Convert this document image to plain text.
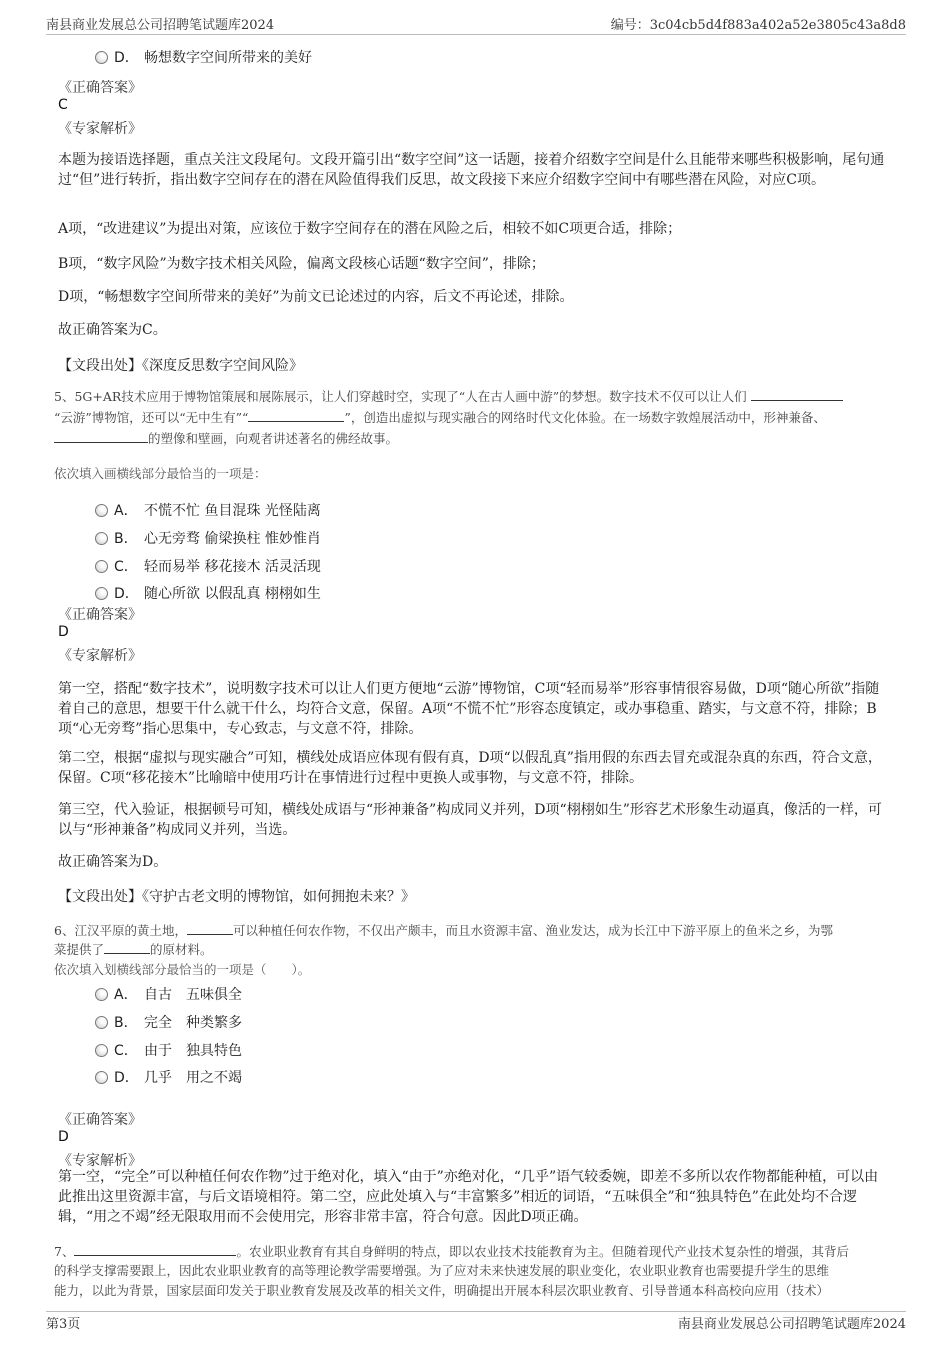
南县商业发展总公司招聘笔试题库2024	编号：3c04cb5d4f883a402a52e3805c43a8d8
D． 畅想数字空间所带来的美好
《正确答案》
C
《专家解析》
本题为接语选择题，重点关注文段尾句。文段开篇引出“数字空间”这一话题，接着介绍数字空间是什么且能带来哪些积极影响，尾句通过“但”进行转折，指出数字空间存在的潜在风险值得我们反思，故文段接下来应介绍数字空间中有哪些潜在风险，对应C项。
A项，“改进建议”为提出对策，应该位于数字空间存在的潜在风险之后，相较不如C项更合适，排除；
B项，“数字风险”为数字技术相关风险，偏离文段核心话题“数字空间”，排除；
D项，“畅想数字空间所带来的美好”为前文已论述过的内容，后文不再论述，排除。
故正确答案为C。
【文段出处】《深度反思数字空间风险》
5、5G+AR技术应用于博物馆策展和展陈展示，让人们穿越时空，实现了“人在古人画中游”的梦想。数字技术不仅可以让人们
“云游”博物馆，还可以“无中生有”“	”，创造出虚拟与现实融合的网络时代文化体验。在一场数字敦煌展活动中，形神兼备、
的塑像和壁画，向观者讲述著名的佛经故事。
依次填入画横线部分最恰当的一项是：
A． 不慌不忙 鱼目混珠 光怪陆离
B． 心无旁骛 偷梁换柱 惟妙惟肖
C． 轻而易举 移花接木 活灵活现
D． 随心所欲 以假乱真 栩栩如生
《正确答案》
D
《专家解析》
第一空，搭配“数字技术”，说明数字技术可以让人们更方便地“云游”博物馆，C项“轻而易举”形容事情很容易做，D项“随心所欲”指随着自己的意思，想要干什么就干什么，均符合文意，保留。A项“不慌不忙”形容态度镇定，或办事稳重、踏实，与文意不符，排除；B项“心无旁骛”指心思集中，专心致志，与文意不符，排除。
第二空，根据“虚拟与现实融合”可知，横线处成语应体现有假有真，D项“以假乱真”指用假的东西去冒充或混杂真的东西，符合文意，保留。C项“移花接木”比喻暗中使用巧计在事情进行过程中更换人或事物，与文意不符，排除。
第三空，代入验证，根据顿号可知，横线处成语与“形神兼备”构成同义并列，D项“栩栩如生”形容艺术形象生动逼真，像活的一样，可以与“形神兼备”构成同义并列，当选。
故正确答案为D。
【文段出处】《守护古老文明的博物馆，如何拥抱未来？》
6、江汉平原的黄土地，	可以种植任何农作物，不仅出产颇丰，而且水资源丰富、渔业发达，成为长江中下游平原上的鱼米之乡，为鄂
菜提供了	的原材料。
依次填入划横线部分最恰当的一项是（　　）。
A． 自古　五味俱全
B． 完全　种类繁多
C． 由于　独具特色
D． 几乎　用之不竭
《正确答案》
D
《专家解析》
第一空，“完全”可以种植任何农作物”过于绝对化，填入“由于”亦绝对化，“几乎”语气较委婉，即差不多所以农作物都能种植，可以由此推出这里资源丰富，与后文语境相符。第二空，应此处填入与“丰富繁多”相近的词语，“五味俱全”和“独具特色”在此处均不合逻辑，“用之不竭”经无限取用而不会使用完，形容非常丰富，符合句意。因此D项正确。
7、	。农业职业教育有其自身鲜明的特点，即以农业技术技能教育为主。但随着现代产业技术复杂性的增强，其背后
的科学支撑需要跟上，因此农业职业教育的高等理论教学需要增强。为了应对未来快速发展的职业变化，农业职业教育也需要提升学生的思维
能力，以此为背景，国家层面印发关于职业教育发展及改革的相关文件，明确提出开展本科层次职业教育、引导普通本科高校向应用（技术）
第3页	南县商业发展总公司招聘笔试题库2024
